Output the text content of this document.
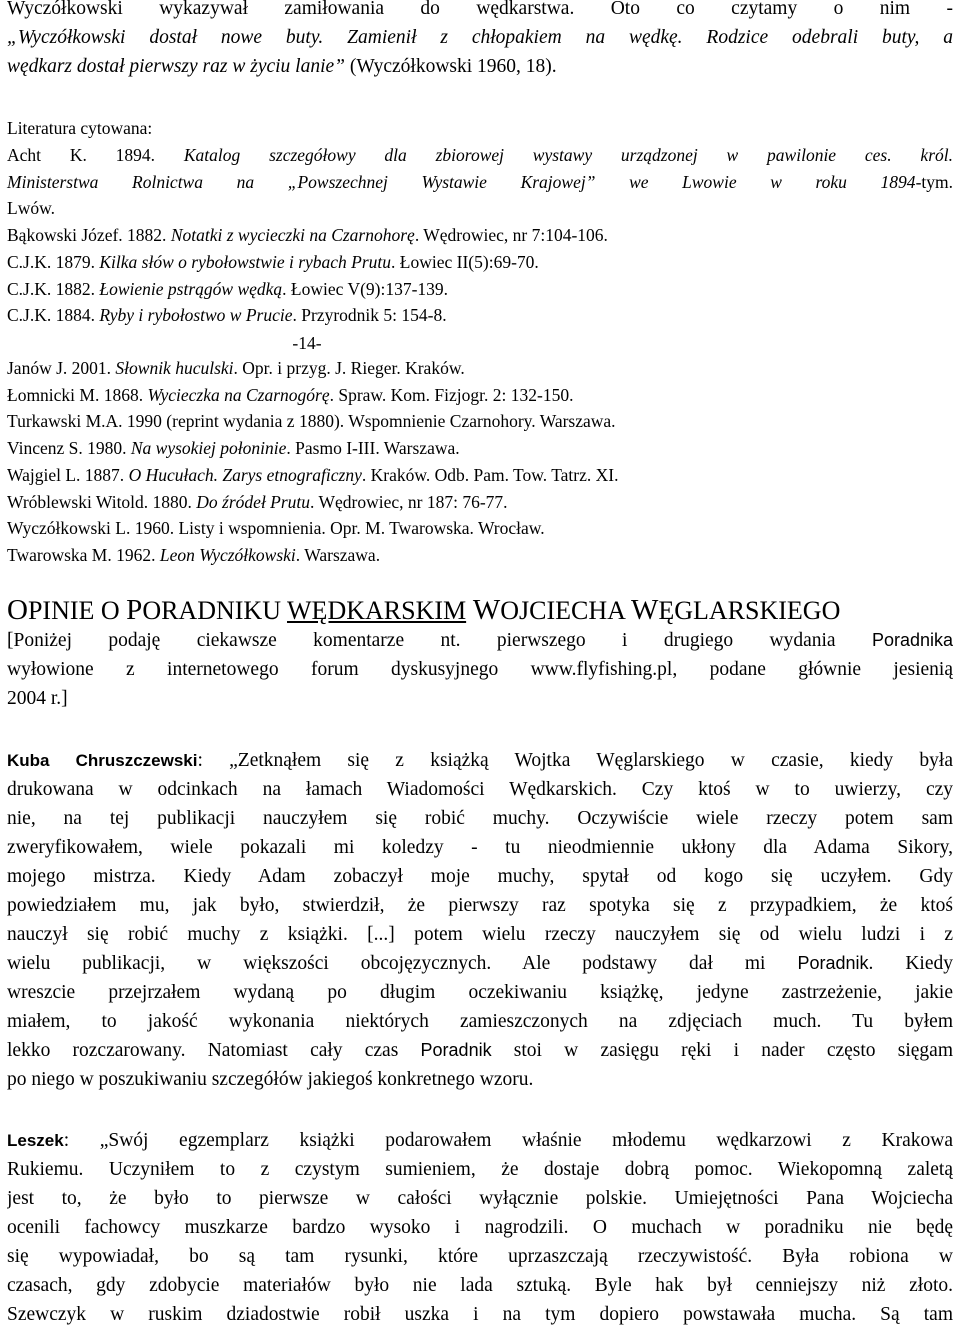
Wyczółkowski wykazywał zamiłowania do wędkarstwa. Oto co czytamy o nim -
„Wyczółkowski dostał nowe buty. Zamienił z chłopakiem na wędkę. Rodzice odebrali buty, a
wędkarz dostał pierwszy raz w życiu lanie” (Wyczółkowski 1960, 18).
Literatura cytowana:
Acht K. 1894. Katalog szczegółowy dla zbiorowej wystawy urządzonej w pawilonie ces. król.
Ministerstwa Rolnictwa na „Powszechnej Wystawie Krajowej” we Lwowie w roku 1894-tym.
Lwów.
Bąkowski Józef. 1882. Notatki z wycieczki na Czarnohorę. Wędrowiec, nr 7:104-106.
C.J.K. 1879. Kilka słów o rybołowstwie i rybach Prutu. Łowiec II(5):69-70.
C.J.K. 1882. Łowienie pstrągów wędką. Łowiec V(9):137-139.
C.J.K. 1884. Ryby i rybołostwo w Prucie. Przyrodnik 5: 154-8.
-14-
Janów J. 2001. Słownik huculski. Opr. i przyg. J. Rieger. Kraków.
Łomnicki M. 1868. Wycieczka na Czarnogórę. Spraw. Kom. Fizjogr. 2: 132-150.
Turkawski M.A. 1990 (reprint wydania z 1880). Wspomnienie Czarnohory. Warszawa.
Vincenz S. 1980. Na wysokiej połoninie. Pasmo I-III. Warszawa.
Wajgiel L. 1887. O Hucułach. Zarys etnograficzny. Kraków. Odb. Pam. Tow. Tatrz. XI.
Wróblewski Witold. 1880. Do źródeł Prutu. Wędrowiec, nr 187: 76-77.
Wyczółkowski L. 1960. Listy i wspomnienia. Opr. M. Twarowska. Wrocław.
Twarowska M. 1962. Leon Wyczółkowski. Warszawa.
OPINIE O PORADNIKU WĘDKARSKIM WOJCIECHA WĘGLARSKIEGO
[Poniżej podaję ciekawsze komentarze nt. pierwszego i drugiego wydania Poradnika
wyłowione z internetowego forum dyskusyjnego www.flyfishing.pl, podane głównie jesienią
2004 r.]
Kuba Chruszczewski: „Zetknąłem się z książką Wojtka Węglarskiego w czasie, kiedy była
drukowana w odcinkach na łamach Wiadomości Wędkarskich. Czy ktoś w to uwierzy, czy
nie, na tej publikacji nauczyłem się robić muchy. Oczywiście wiele rzeczy potem sam
zweryfikowałem, wiele pokazali mi koledzy - tu nieodmiennie ukłony dla Adama Sikory,
mojego mistrza. Kiedy Adam zobaczył moje muchy, spytał od kogo się uczyłem. Gdy
powiedziałem mu, jak było, stwierdził, że pierwszy raz spotyka się z przypadkiem, że ktoś
nauczył się robić muchy z książki. [...] potem wielu rzeczy nauczyłem się od wielu ludzi i z
wielu publikacji, w większości obcojęzycznych. Ale podstawy dał mi Poradnik. Kiedy
wreszcie przejrzałem wydaną po długim oczekiwaniu książkę, jedyne zastrzeżenie, jakie
miałem, to jakość wykonania niektórych zamieszczonych na zdjęciach much. Tu byłem
lekko rozczarowany. Natomiast cały czas Poradnik stoi w zasięgu ręki i nader często sięgam
po niego w poszukiwaniu szczegółów jakiegoś konkretnego wzoru.
Leszek: „Swój egzemplarz książki podarowałem właśnie młodemu wędkarzowi z Krakowa
Rukiemu. Uczyniłem to z czystym sumieniem, że dostaje dobrą pomoc. Wiekopomną zaletą
jest to, że było to pierwsze w całości wyłącznie polskie. Umiejętności Pana Wojciecha
ocenili fachowcy muszkarze bardzo wysoko i nagrodzili. O muchach w poradniku nie będę
się wypowiadał, bo są tam rysunki, które uprzaszczają rzeczywistość. Była robiona w
czasach, gdy zdobycie materiałów było nie lada sztuką. Byle hak był cenniejszy niż złoto.
Szewczyk w ruskim dziadostwie robił uszka i na tym dopiero powstawała mucha. Są tam
